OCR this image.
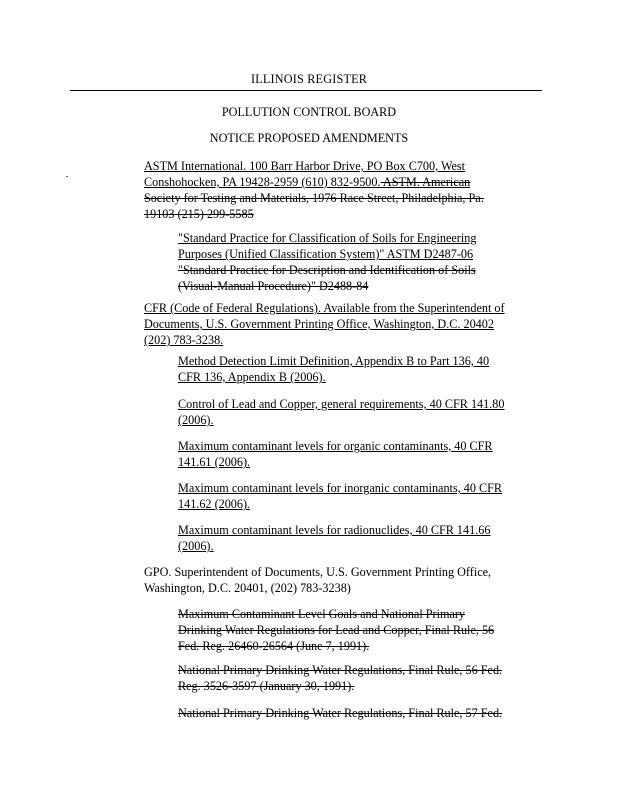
ILLINOIS REGISTER
POLLUTION CONTROL BOARD
NOTICE PROPOSED AMENDMENTS
ASTM International. 100 Barr Harbor Drive, PO Box C700, West
Conshohocken, PA 19428-2959 (610) 832-9500. ASTM. American
Society for Testing and Materials, 1976 Race Street, Philadelphia, Pa.
19103 (215) 299-5585
"Standard Practice for Classification of Soils for Engineering
Purposes (Unified Classification System)" ASTM D2487-06
"Standard Practice for Description and Identification of Soils
(Visual-Manual Procedure)" D2488-84
CFR (Code of Federal Regulations). Available from the Superintendent of
Documents, U.S. Government Printing Office, Washington, D.C. 20402
(202) 783-3238.
Method Detection Limit Definition, Appendix B to Part 136, 40
CFR 136, Appendix B (2006).
Control of Lead and Copper, general requirements, 40 CFR 141.80
(2006).
Maximum contaminant levels for organic contaminants, 40 CFR
141.61 (2006).
Maximum contaminant levels for inorganic contaminants, 40 CFR
141.62 (2006).
Maximum contaminant levels for radionuclides, 40 CFR 141.66
(2006).
GPO. Superintendent of Documents, U.S. Government Printing Office,
Washington, D.C. 20401, (202) 783-3238)
Maximum Contaminant Level Goals and National Primary
Drinking Water Regulations for Lead and Copper, Final Rule, 56
Fed. Reg. 26460-26564 (June 7, 1991).
National Primary Drinking Water Regulations, Final Rule, 56 Fed.
Reg. 3526-3597 (January 30, 1991).
National Primary Drinking Water Regulations, Final Rule, 57 Fed.
